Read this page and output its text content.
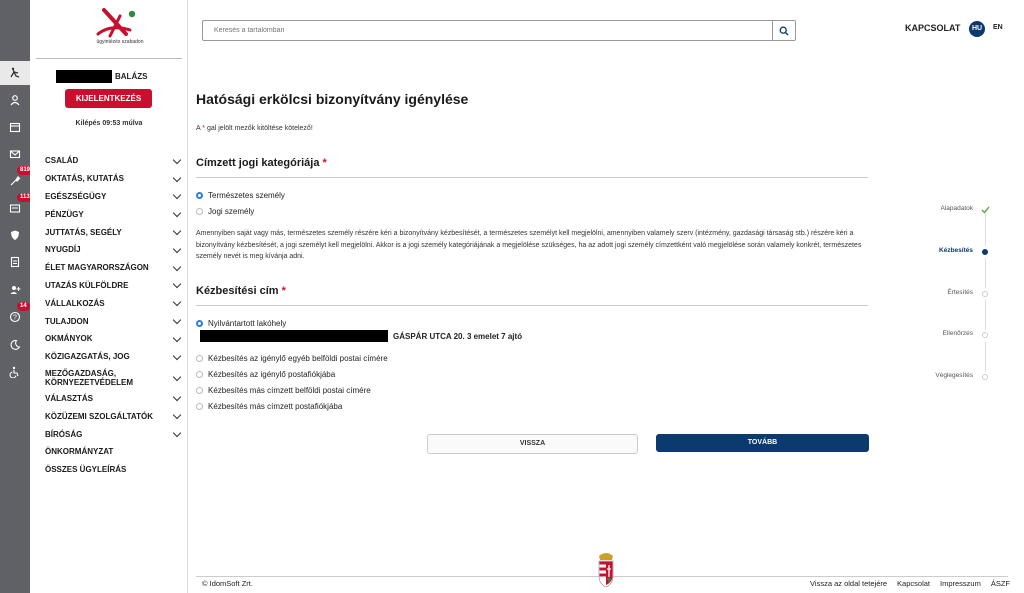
819
113
?
14
ügyintézés szabadon
BALÁZS
KIJELENTKEZÉS
Kilépés 09:53 múlva
CSALÁD
OKTATÁS, KUTATÁS
EGÉSZSÉGÜGY
PÉNZÜGY
JUTTATÁS, SEGÉLY
NYUGDÍJ
ÉLET MAGYARORSZÁGON
UTAZÁS KÜLFÖLDRE
VÁLLALKOZÁS
TULAJDON
OKMÁNYOK
KÖZIGAZGATÁS, JOG
MEZŐGAZDASÁG, KÖRNYEZETVÉDELEM
VÁLASZTÁS
KÖZÜZEMI SZOLGÁLTATÓK
BÍRÓSÁG
ÖNKORMÁNYZAT
ÖSSZES ÜGYLEÍRÁS
Keresés a tartalomban
KAPCSOLAT	HU	EN
Hatósági erkölcsi bizonyítvány igénylése
A * gal jelölt mezők kitöltése kötelező!
Címzett jogi kategóriája *
Természetes személy
Jogi személy

Amennyiben saját vagy más, természetes személy részére kéri a bizonyítvány kézbesítését, a természetes személyt kell megjelölni, amennyiben valamely szerv (intézmény, gazdasági társaság stb.) részére kéri a bizonyítvány kézbesítését, a jogi személyt kell megjelölni. Akkor is a jogi személy kategóriájának a megjelölése szükséges, ha az adott jogi személy címzettként való megjelölése során valamely konkrét, természetes személy nevét is meg kívánja adni.

Kézbesítési cím *
Nyilvántartott lakóhely
GÁSPÁR UTCA 20. 3 emelet 7 ajtó
Kézbesítés az igénylő egyéb belföldi postai címére
Kézbesítés az igénylő postafiókjába
Kézbesítés más címzett belföldi postai címére
Kézbesítés más címzett postafiókjába
VISSZA	TOVÁBB
Alapadatok
Kézbesítés
Értesítés
Ellenőrzés
Véglegesítés
© IdomSoft Zrt.	Vissza az oldal tetejére Kapcsolat Impresszum ÁSZF
